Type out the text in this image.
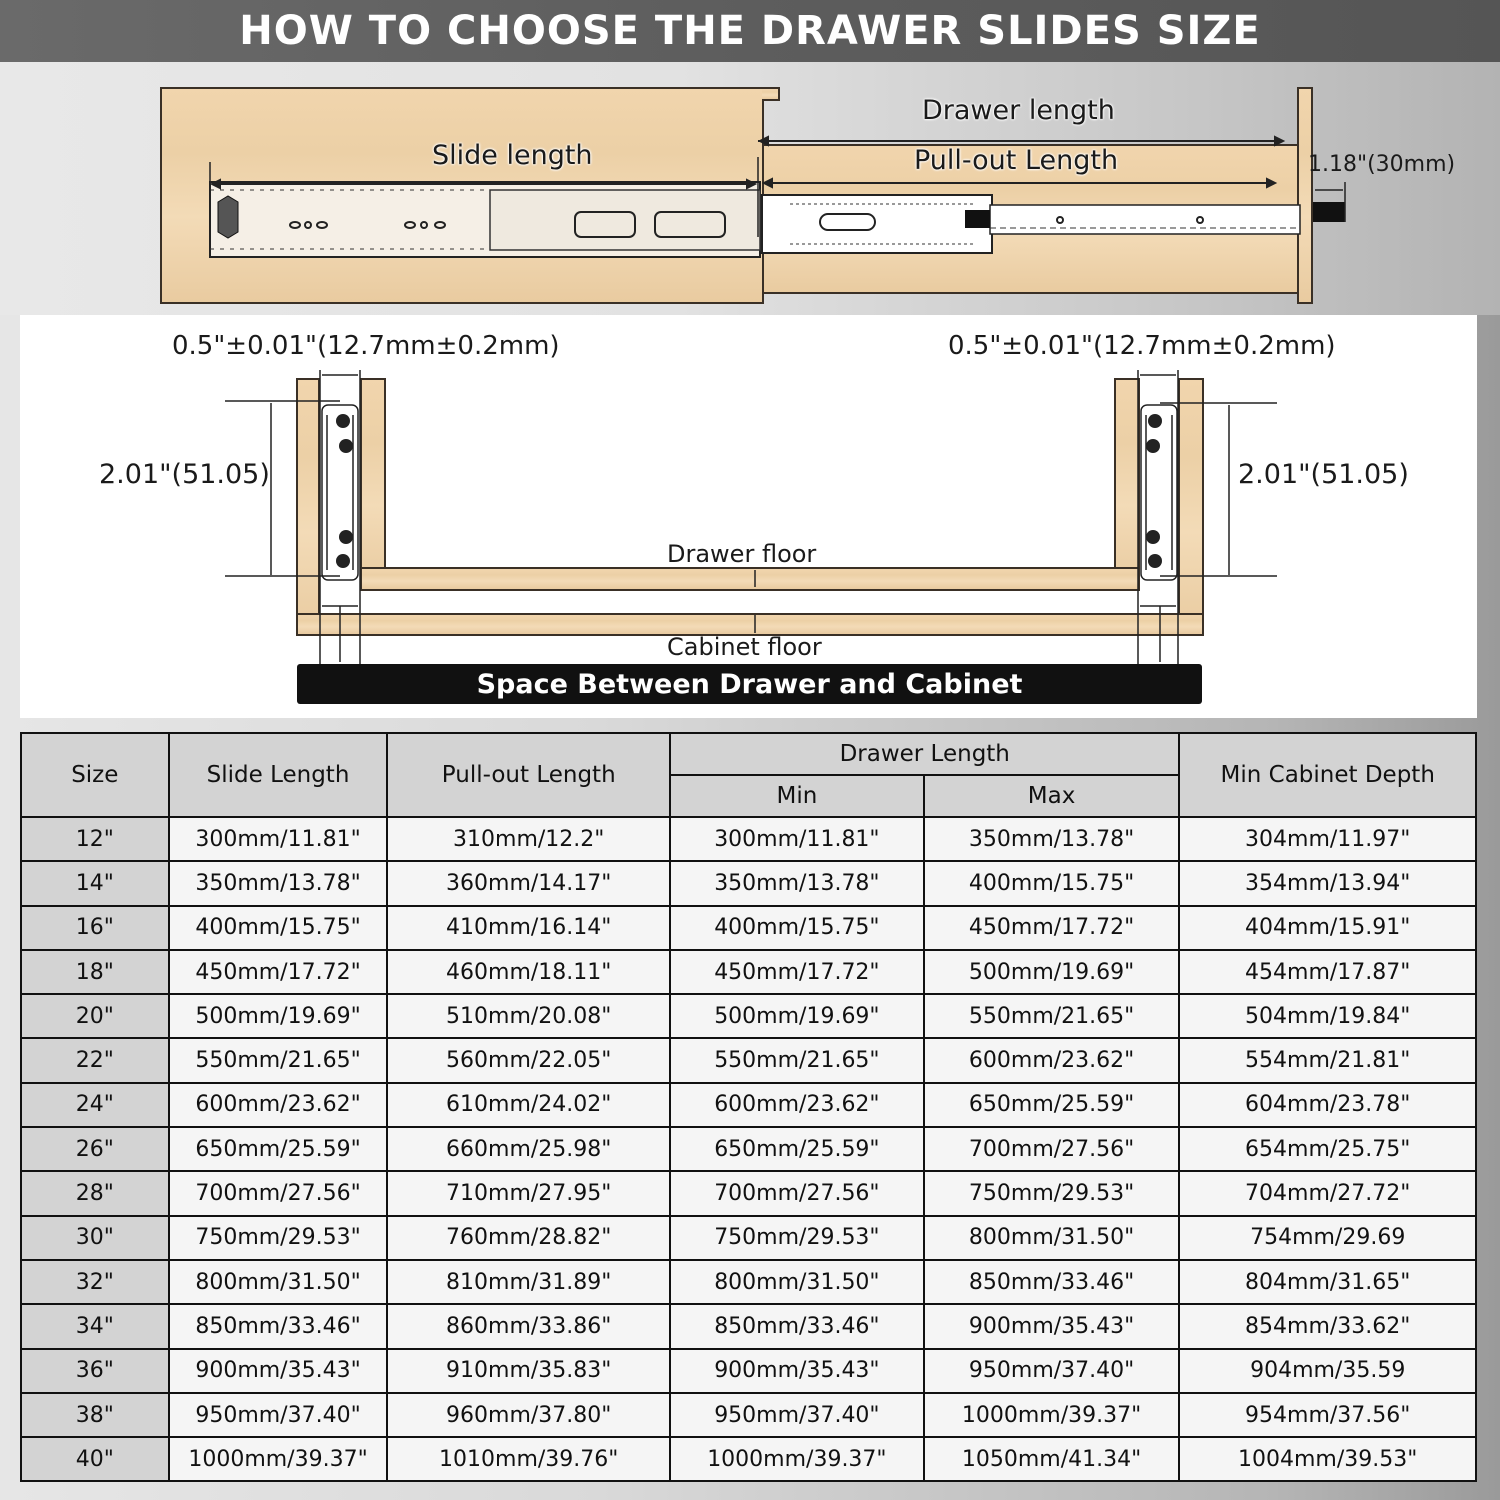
HOW TO CHOOSE THE DRAWER SLIDES SIZE
Drawer length
Slide length	Pull-out Length	1.18"(30mm)
0.5"±0.01"(12.7mm±0.2mm)	0.5"±0.01"(12.7mm±0.2mm)
2.01"(51.05)	2.01"(51.05)
Drawer floor
Cabinet floor
Space Between Drawer and Cabinet
Size	Slide Length	Pull-out Length	Drawer Length		Min Cabinet Depth
			Min	Max	
12"	300mm/11.81"	310mm/12.2"	300mm/11.81"	350mm/13.78"	304mm/11.97"
14"	350mm/13.78"	360mm/14.17"	350mm/13.78"	400mm/15.75"	354mm/13.94"
16"	400mm/15.75"	410mm/16.14"	400mm/15.75"	450mm/17.72"	404mm/15.91"
18"	450mm/17.72"	460mm/18.11"	450mm/17.72"	500mm/19.69"	454mm/17.87"
20"	500mm/19.69"	510mm/20.08"	500mm/19.69"	550mm/21.65"	504mm/19.84"
22"	550mm/21.65"	560mm/22.05"	550mm/21.65"	600mm/23.62"	554mm/21.81"
24"	600mm/23.62"	610mm/24.02"	600mm/23.62"	650mm/25.59"	604mm/23.78"
26"	650mm/25.59"	660mm/25.98"	650mm/25.59"	700mm/27.56"	654mm/25.75"
28"	700mm/27.56"	710mm/27.95"	700mm/27.56"	750mm/29.53"	704mm/27.72"
30"	750mm/29.53"	760mm/28.82"	750mm/29.53"	800mm/31.50"	754mm/29.69
32"	800mm/31.50"	810mm/31.89"	800mm/31.50"	850mm/33.46"	804mm/31.65"
34"	850mm/33.46"	860mm/33.86"	850mm/33.46"	900mm/35.43"	854mm/33.62"
36"	900mm/35.43"	910mm/35.83"	900mm/35.43"	950mm/37.40"	904mm/35.59
38"	950mm/37.40"	960mm/37.80"	950mm/37.40"	1000mm/39.37"	954mm/37.56"
40"	1000mm/39.37"	1010mm/39.76"	1000mm/39.37"	1050mm/41.34"	1004mm/39.53"
